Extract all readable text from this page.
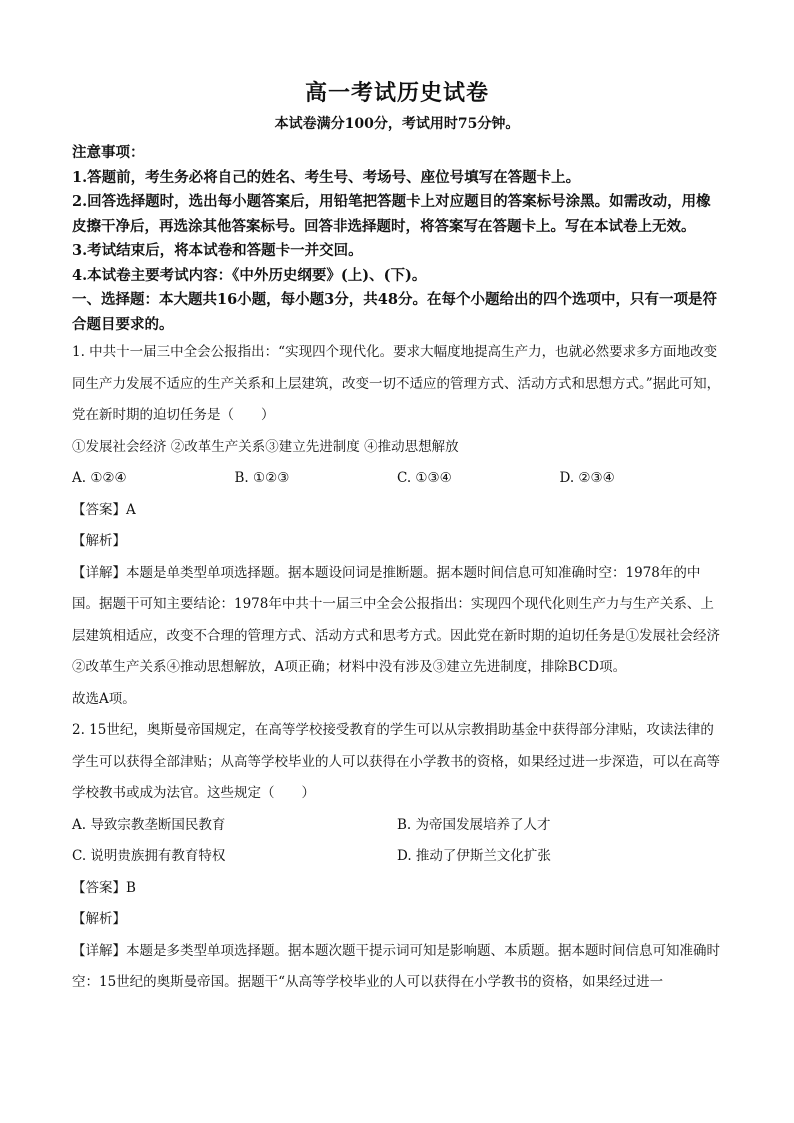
高一考试历史试卷
本试卷满分100分，考试用时75分钟。
注意事项：
1.答题前，考生务必将自己的姓名、考生号、考场号、座位号填写在答题卡上。
2.回答选择题时，选出每小题答案后，用铅笔把答题卡上对应题目的答案标号涂黑。如需改动，用橡皮擦干净后，再选涂其他答案标号。回答非选择题时，将答案写在答题卡上。写在本试卷上无效。
3.考试结束后，将本试卷和答题卡一并交回。
4.本试卷主要考试内容：《中外历史纲要》(上)、(下)。
一、选择题：本大题共16小题，每小题3分，共48分。在每个小题给出的四个选项中，只有一项是符合题目要求的。
1. 中共十一届三中全会公报指出：“实现四个现代化。要求大幅度地提高生产力，也就必然要求多方面地改变同生产力发展不适应的生产关系和上层建筑，改变一切不适应的管理方式、活动方式和思想方式。”据此可知，党在新时期的迫切任务是（　　）
①发展社会经济 ②改革生产关系③建立先进制度 ④推动思想解放
A. ①②④	B. ①②③	C. ①③④	D. ②③④
【答案】A
【解析】
【详解】本题是单类型单项选择题。据本题设问词是推断题。据本题时间信息可知准确时空：1978年的中国。据题干可知主要结论：1978年中共十一届三中全会公报指出：实现四个现代化则生产力与生产关系、上层建筑相适应，改变不合理的管理方式、活动方式和思考方式。因此党在新时期的迫切任务是①发展社会经济 ②改革生产关系④推动思想解放，A项正确；材料中没有涉及③建立先进制度，排除BCD项。
故选A项。
2. 15世纪，奥斯曼帝国规定，在高等学校接受教育的学生可以从宗教捐助基金中获得部分津贴，攻读法律的学生可以获得全部津贴；从高等学校毕业的人可以获得在小学教书的资格，如果经过进一步深造，可以在高等学校教书或成为法官。这些规定（　　）
A. 导致宗教垄断国民教育	B. 为帝国发展培养了人才
C. 说明贵族拥有教育特权	D. 推动了伊斯兰文化扩张
【答案】B
【解析】
【详解】本题是多类型单项选择题。据本题次题干提示词可知是影响题、本质题。据本题时间信息可知准确时空：15世纪的奥斯曼帝国。据题干“从高等学校毕业的人可以获得在小学教书的资格，如果经过进一
